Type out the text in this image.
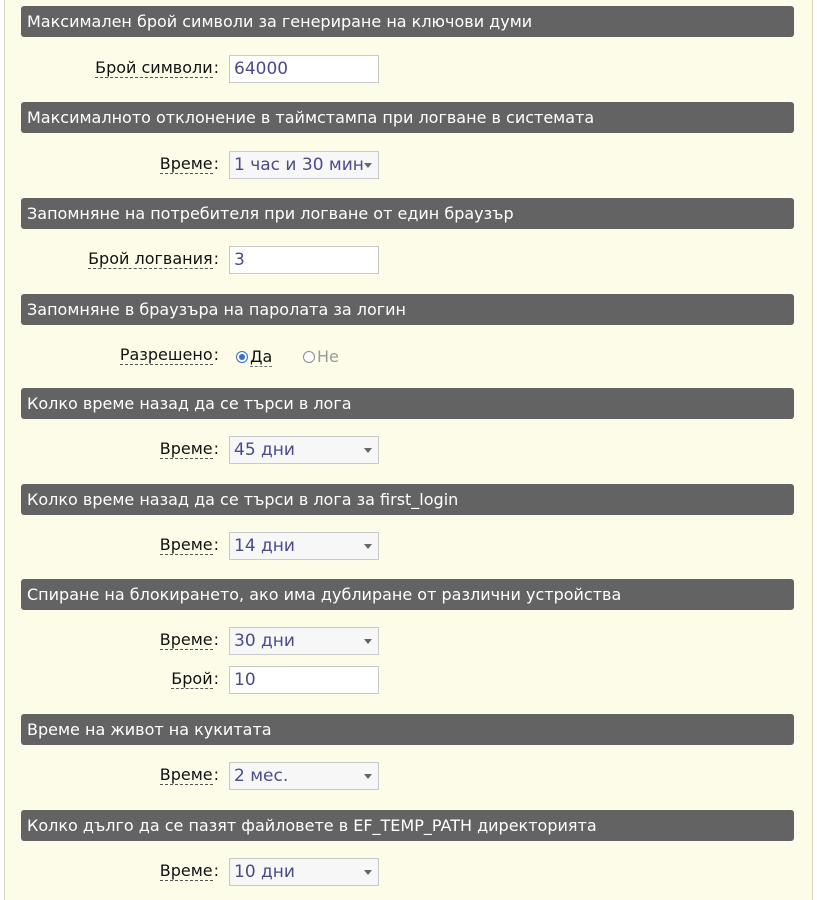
Максимален брой символи за генериране на ключови думи
Брой символи: 64000
Максималното отклонение в таймстампа при логване в системата
Време: 1 час и 30 мин
Запомняне на потребителя при логване от един браузър
Брой логвания: 3
Запомняне в браузъра на паролата за логин
Разрешено:	Да	Не
Колко време назад да се търси в лога
Време: 45 дни
Колко време назад да се търси в лога за first_login
Време: 14 дни
Спиране на блокирането, ако има дублиране от различни устройства
Време: 30 дни
Брой: 10
Време на живот на кукитата
Време: 2 мес.
Колко дълго да се пазят файловете в EF_TEMP_PATH директорията
Време: 10 дни
